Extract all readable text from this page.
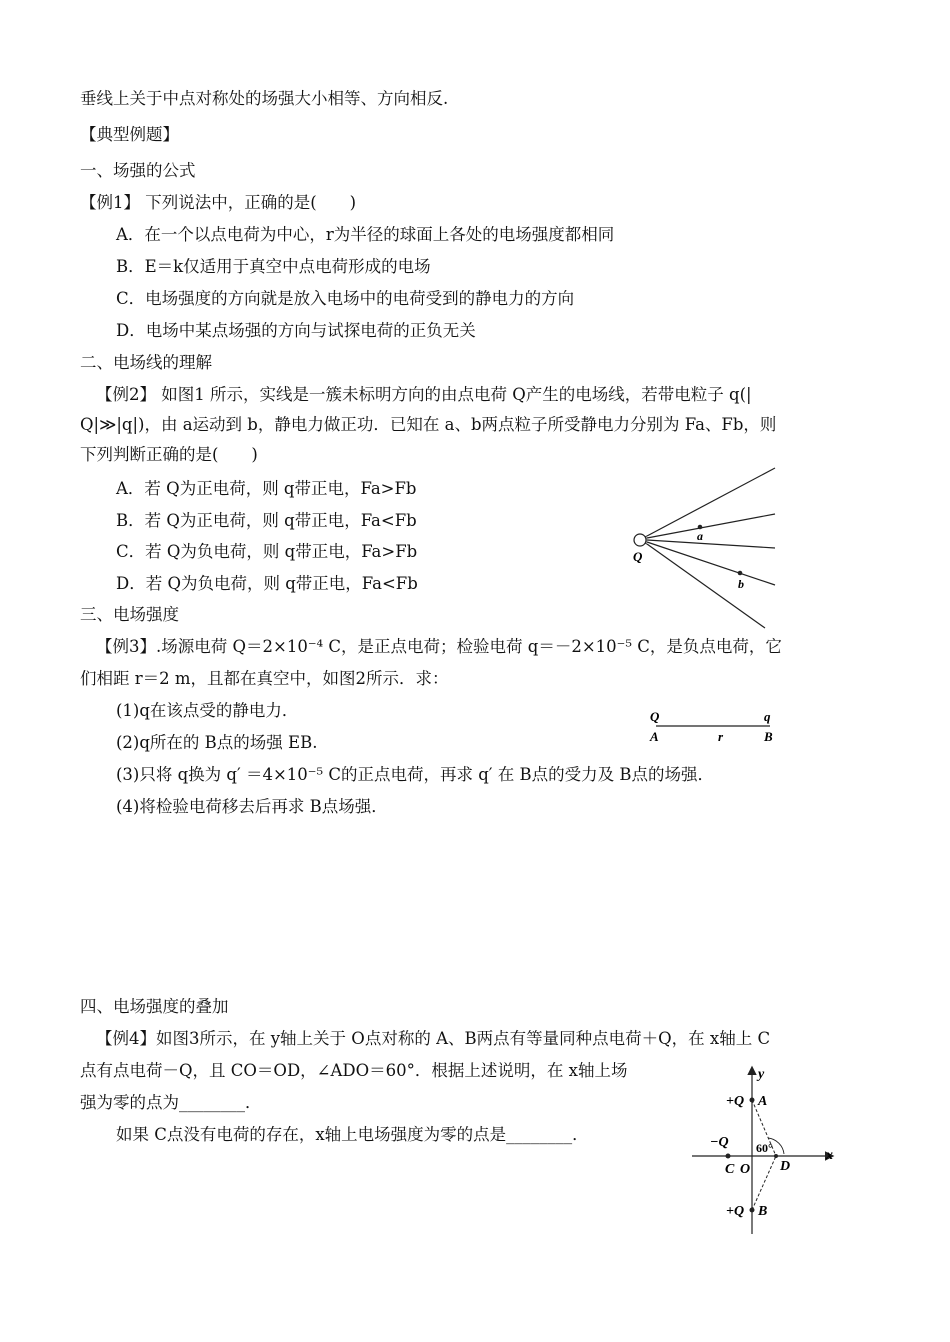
垂线上关于中点对称处的场强大小相等、方向相反.
【典型例题】
一、场强的公式
【例1】 下列说法中，正确的是(　　)
A．在一个以点电荷为中心，r为半径的球面上各处的电场强度都相同
B．E＝k仅适用于真空中点电荷形成的电场
C．电场强度的方向就是放入电场中的电荷受到的静电力的方向
D．电场中某点场强的方向与试探电荷的正负无关
二、电场线的理解
【例2】 如图1 所示，实线是一簇未标明方向的由点电荷 Q产生的电场线，若带电粒子 q(|
Q|≫|q|)，由 a运动到 b，静电力做正功．已知在 a、b两点粒子所受静电力分别为 Fa、Fb，则
下列判断正确的是(　　)
A．若 Q为正电荷，则 q带正电，Fa>Fb
B．若 Q为正电荷，则 q带正电，Fa<Fb
C．若 Q为负电荷，则 q带正电，Fa>Fb
D．若 Q为负电荷，则 q带正电，Fa<Fb
Q
a
b
三、电场强度
【例3】.场源电荷 Q＝2×10⁻⁴ C，是正点电荷；检验电荷 q＝－2×10⁻⁵ C，是负点电荷，它
们相距 r＝2 m，且都在真空中，如图2所示．求：
(1)q在该点受的静电力．
(2)q所在的 B点的场强 EB.
(3)只将 q换为 q′ ＝4×10⁻⁵ C的正点电荷，再求 q′ 在 B点的受力及 B点的场强．
(4)将检验电荷移去后再求 B点场强．
Q	q
A	r	B
四、电场强度的叠加
【例4】如图3所示，在 y轴上关于 O点对称的 A、B两点有等量同种点电荷＋Q，在 x轴上 C
点有点电荷－Q，且 CO＝OD，∠ADO＝60°．根据上述说明，在 x轴上场
强为零的点为________．
如果 C点没有电荷的存在，x轴上电场强度为零的点是________．
y
x
+Q A
−Q 60°
C O D
+Q B
